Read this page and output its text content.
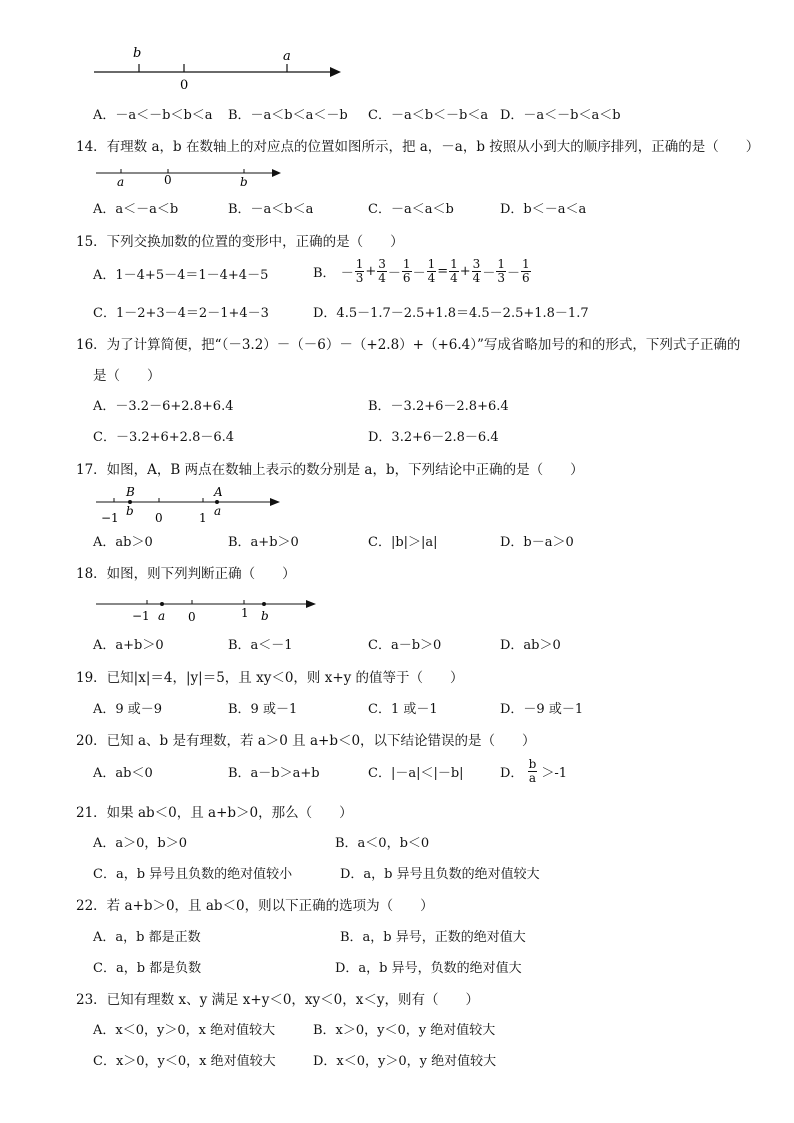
b	a
0
A．－a＜－b＜b＜a B．－a＜b＜a＜－b C．－a＜b＜－b＜a D．－a＜－b＜a＜b
14．有理数 a，b 在数轴上的对应点的位置如图所示，把 a，－a，b 按照从小到大的顺序排列，正确的是（　　）
a	0	b
A．a＜－a＜b	B．－a＜b＜a	C．－a＜a＜b	D．b＜－a＜a
15．下列交换加数的位置的变形中，正确的是（　　）
A．1－4+5－4＝1－4+4－5	B． － $\frac{1}{3} + \frac{3}{4} - \frac{1}{6} - \frac{1}{4} = \frac{1}{4} + \frac{3}{4} - \frac{1}{3} - \frac{1}{6}$
C．1－2+3－4＝2－1+4－3	D．4.5－1.7－2.5+1.8＝4.5－2.5+1.8－1.7
16．为了计算简便，把“（－3.2）－（－6）－（+2.8）+（+6.4）”写成省略加号的和的形式，下列式子正确的
是（　　）
A．－3.2－6+2.8+6.4	B．－3.2+6－2.8+6.4
C．－3.2+6+2.8－6.4	D．3.2+6－2.8－6.4
17．如图，A，B 两点在数轴上表示的数分别是 a，b，下列结论中正确的是（　　）
B
b
−1	0	1
A
a
A．ab＞0	B．a+b＞0	C．|b|＞|a|	D．b－a＞0
18．如图，则下列判断正确（　　）
−1 a 0	1 b
A．a+b＞0	B．a＜－1	C．a－b＞0	D．ab＞0
19．已知|x|＝4，|y|＝5，且 xy＜0，则 x+y 的值等于（　　）
A．9 或－9	B．9 或－1	C．1 或－1	D．－9 或－1
20．已知 a、b 是有理数，若 a＞0 且 a+b＜0，以下结论错误的是（　　）
A．ab＜0	B．a－b＞a+b	C．|－a|＜|－b|	D． $\frac{b}{a} >-1$
21．如果 ab＜0，且 a+b＞0，那么（　　）
A．a＞0，b＞0	B．a＜0，b＜0
C．a，b 异号且负数的绝对值较小	D．a，b 异号且负数的绝对值较大
22．若 a+b＞0，且 ab＜0，则以下正确的选项为（　　）
A．a，b 都是正数	B．a，b 异号，正数的绝对值大
C．a，b 都是负数	D．a，b 异号，负数的绝对值大
23．已知有理数 x、y 满足 x+y＜0，xy＜0，x＜y，则有（　　）
A．x＜0，y＞0，x 绝对值较大	B．x＞0，y＜0，y 绝对值较大
C．x＞0，y＜0，x 绝对值较大	D．x＜0，y＞0，y 绝对值较大
